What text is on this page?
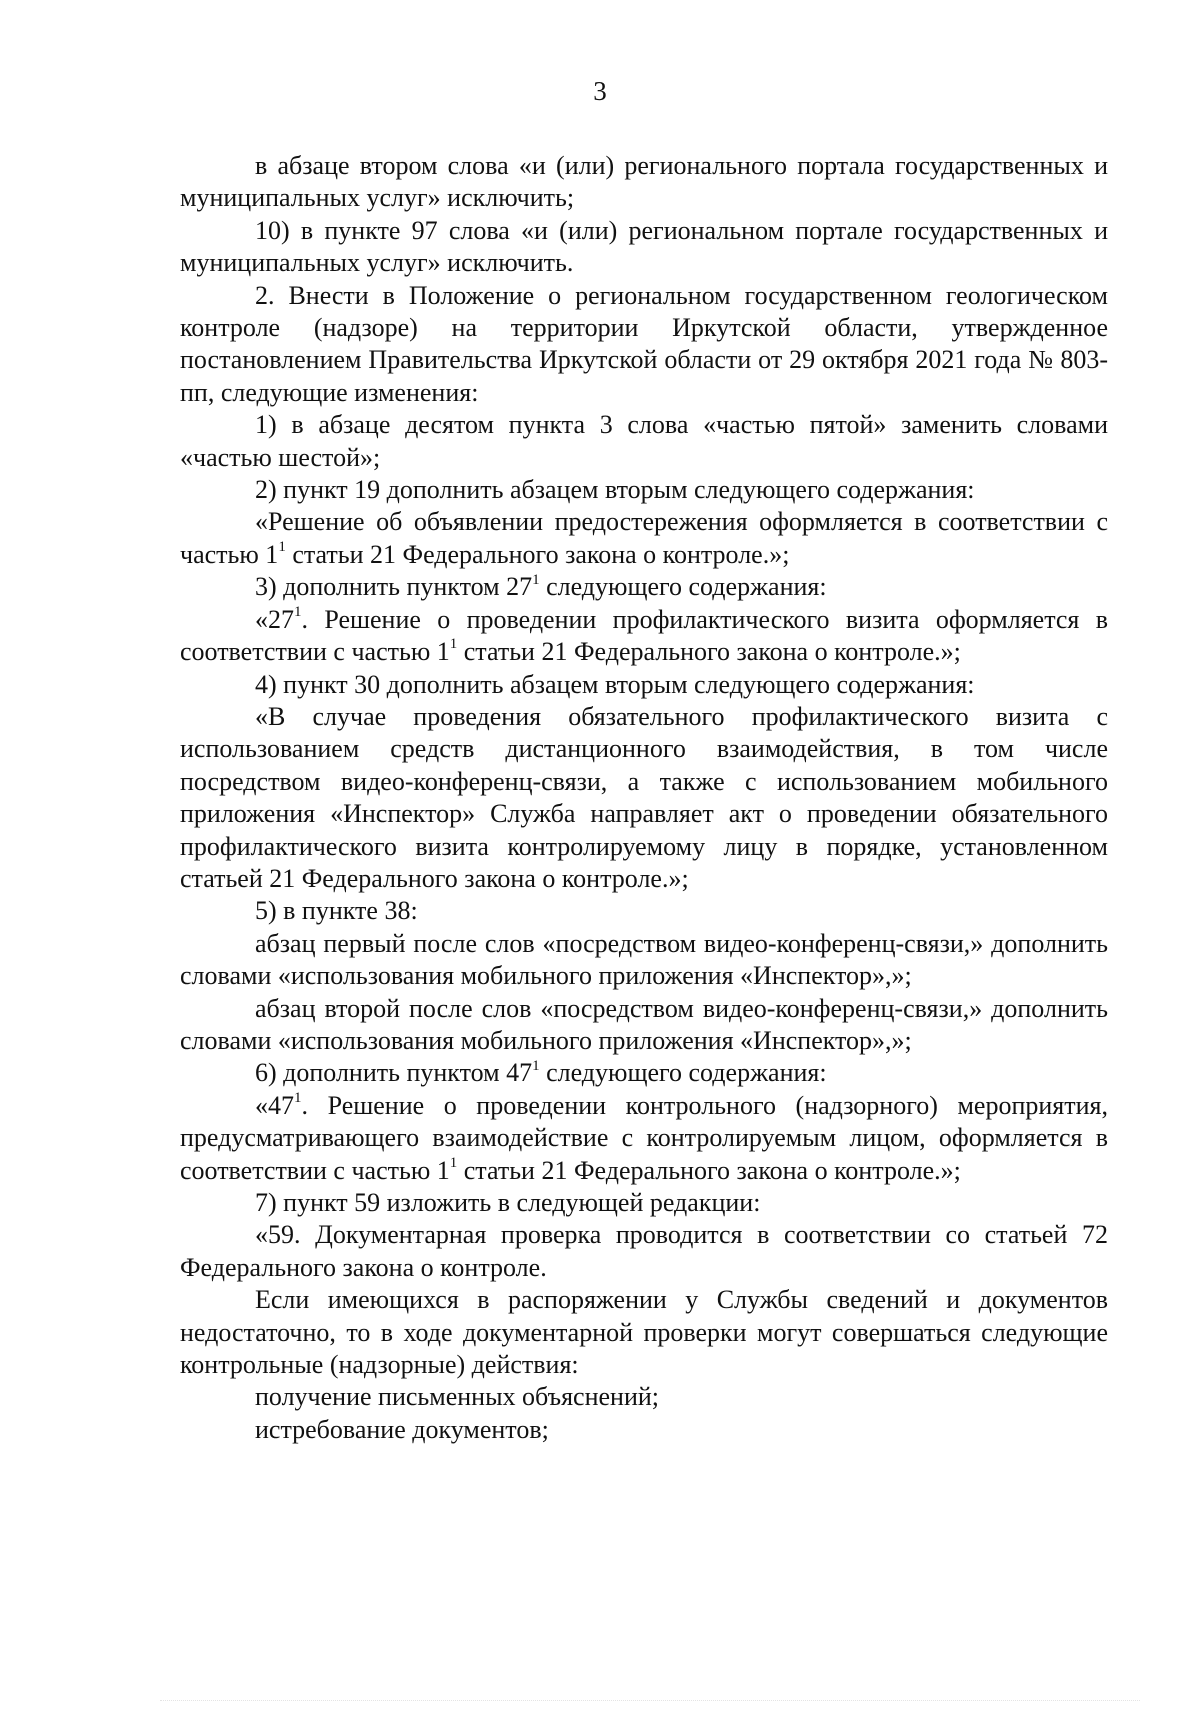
3

в абзаце втором слова «и (или) регионального портала государственных и муниципальных услуг» исключить;

10) в пункте 97 слова «и (или) региональном портале государственных и муниципальных услуг» исключить.

2. Внести в Положение о региональном государственном геологическом контроле (надзоре) на территории Иркутской области, утвержденное постановлением Правительства Иркутской области от 29 октября 2021 года № 803-пп, следующие изменения:

1) в абзаце десятом пункта 3 слова «частью пятой» заменить словами «частью шестой»;

2) пункт 19 дополнить абзацем вторым следующего содержания:

«Решение об объявлении предостережения оформляется в соответствии с частью $1^1$ статьи 21 Федерального закона о контроле.»;

3) дополнить пунктом $27^1$ следующего содержания:

«$27^1$. Решение о проведении профилактического визита оформляется в соответствии с частью $1^1$ статьи 21 Федерального закона о контроле.»;

4) пункт 30 дополнить абзацем вторым следующего содержания:

«В случае проведения обязательного профилактического визита с использованием средств дистанционного взаимодействия, в том числе посредством видео-конференц-связи, а также с использованием мобильного приложения «Инспектор» Служба направляет акт о проведении обязательного профилактического визита контролируемому лицу в порядке, установленном статьей 21 Федерального закона о контроле.»;

5) в пункте 38:

абзац первый после слов «посредством видео-конференц-связи,» дополнить словами «использования мобильного приложения «Инспектор»,»;

абзац второй после слов «посредством видео-конференц-связи,» дополнить словами «использования мобильного приложения «Инспектор»,»;

6) дополнить пунктом $47^1$ следующего содержания:

«$47^1$. Решение о проведении контрольного (надзорного) мероприятия, предусматривающего взаимодействие с контролируемым лицом, оформляется в соответствии с частью $1^1$ статьи 21 Федерального закона о контроле.»;

7) пункт 59 изложить в следующей редакции:

«59. Документарная проверка проводится в соответствии со статьей 72 Федерального закона о контроле.

Если имеющихся в распоряжении у Службы сведений и документов недостаточно, то в ходе документарной проверки могут совершаться следующие контрольные (надзорные) действия:

получение письменных объяснений;

истребование документов;
